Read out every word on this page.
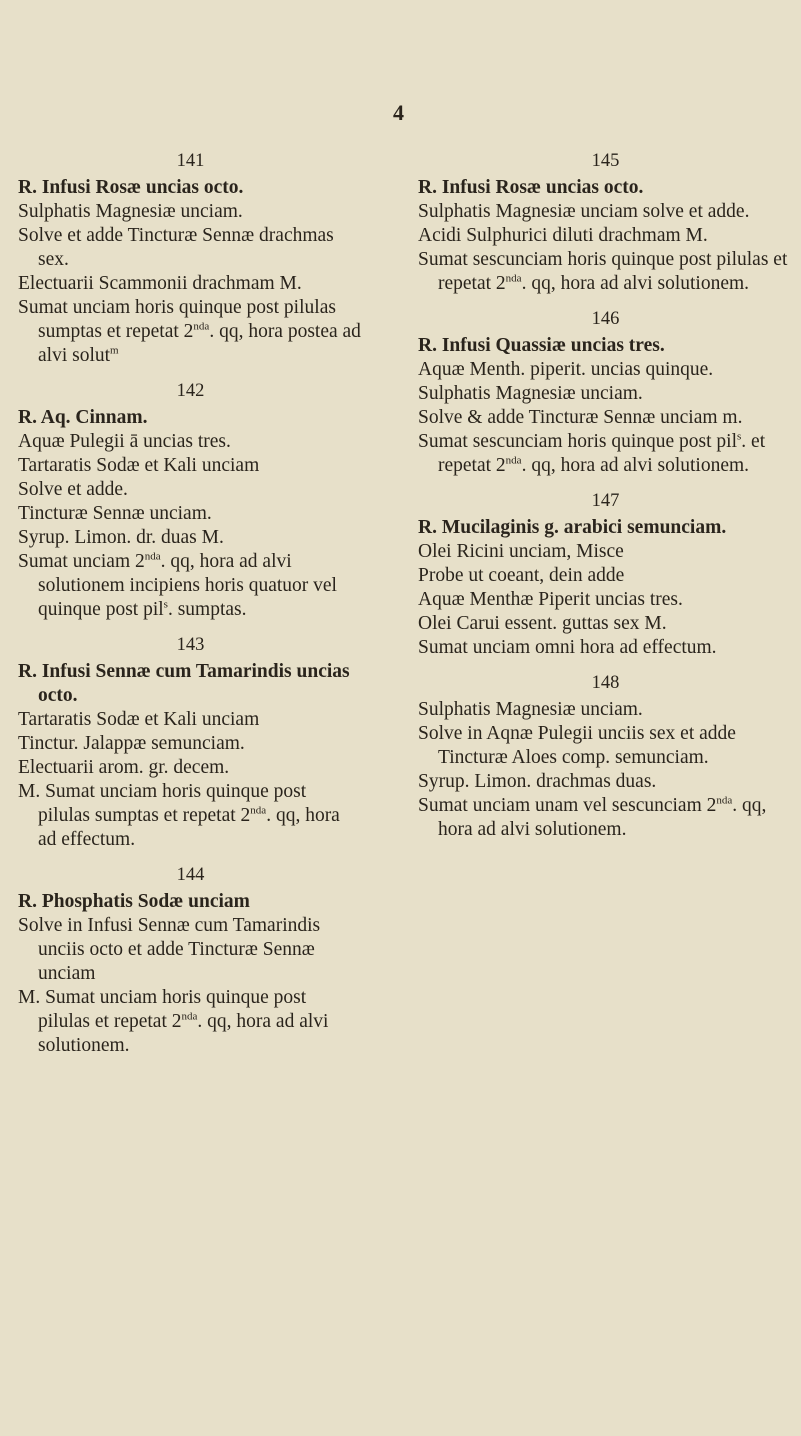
4
141
R. Infusi Rosæ uncias octo.
Sulphatis Magnesiæ unciam.
Solve et adde Tincturæ Sennæ drachmas sex.
Electuarii Scammonii drachmam M.
Sumat unciam horis quinque post pilulas sumptas et repetat $2^{nda}$. qq, hora postea ad alvi solut$^m$
142
R. Aq. Cinnam.
Aquæ Pulegii ā uncias tres.
Tartaratis Sodæ et Kali unciam
Solve et adde.
Tincturæ Sennæ unciam.
Syrup. Limon. dr. duas M.
Sumat unciam $2^{nda}$. qq, hora ad alvi solutionem incipiens horis quatuor vel quinque post pil$^s$. sumptas.
143
R. Infusi Sennæ cum Tamarindis uncias octo.
Tartaratis Sodæ et Kali unciam
Tinctur. Jalappæ semunciam.
Electuarii arom. gr. decem.
M. Sumat unciam horis quinque post pilulas sumptas et repetat $2^{nda}$. qq, hora ad effectum.
144
R. Phosphatis Sodæ unciam
Solve in Infusi Sennæ cum Tamarindis unciis octo et adde Tincturæ Sennæ unciam
M. Sumat unciam horis quinque post pilulas et repetat $2^{nda}$. qq, hora ad alvi solutionem.
145
R. Infusi Rosæ uncias octo.
Sulphatis Magnesiæ unciam solve et adde.
Acidi Sulphurici diluti drachmam M.
Sumat sescunciam horis quinque post pilulas et repetat $2^{nda}$. qq, hora ad alvi solutionem.
146
R. Infusi Quassiæ uncias tres.
Aquæ Menth. piperit. uncias quinque.
Sulphatis Magnesiæ unciam.
Solve & adde Tincturæ Sennæ unciam m.
Sumat sescunciam horis quinque post pil$^s$. et repetat $2^{nda}$. qq, hora ad alvi solutionem.
147
R. Mucilaginis g. arabici semunciam.
Olei Ricini unciam, Misce
Probe ut coeant, dein adde
Aquæ Menthæ Piperit uncias tres.
Olei Carui essent. guttas sex M.
Sumat unciam omni hora ad effectum.
148
Sulphatis Magnesiæ unciam.
Solve in Aqnæ Pulegii unciis sex et adde Tincturæ Aloes comp. semunciam.
Syrup. Limon. drachmas duas.
Sumat unciam unam vel sescunciam $2^{nda}$. qq, hora ad alvi solutionem.
